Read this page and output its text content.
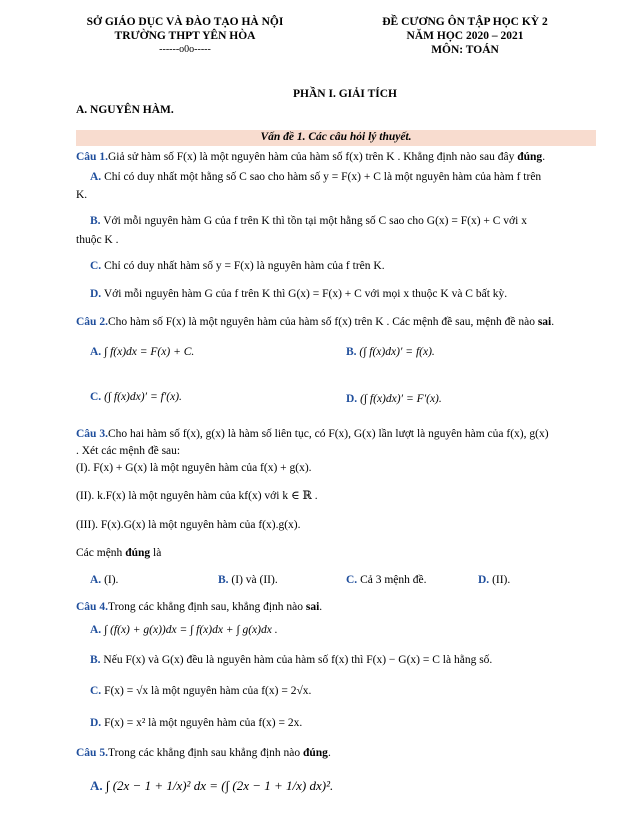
SỞ GIÁO DỤC VÀ ĐÀO TẠO HÀ NỘI
TRƯỜNG THPT YÊN HÒA
------o0o-----
ĐỀ CƯƠNG ÔN TẬP HỌC KỲ 2
NĂM HỌC 2020 – 2021
MÔN: TOÁN
PHẦN I. GIẢI TÍCH
A. NGUYÊN HÀM.
Vấn đề 1. Các câu hỏi lý thuyết.
Câu 1.Giả sử hàm số F(x) là một nguyên hàm của hàm số f(x) trên K . Khẳng định nào sau đây đúng.
A. Chỉ có duy nhất một hằng số C sao cho hàm số y = F(x) + C là một nguyên hàm của hàm f trên
K.
B. Với mỗi nguyên hàm G của f trên K thì tồn tại một hằng số C sao cho G(x) = F(x) + C với x
thuộc K .
C. Chỉ có duy nhất hàm số y = F(x) là nguyên hàm của f trên K.
D. Với mỗi nguyên hàm G của f trên K thì G(x) = F(x) + C với mọi x thuộc K và C bất kỳ.
Câu 2.Cho hàm số F(x) là một nguyên hàm của hàm số f(x) trên K . Các mệnh đề sau, mệnh đề nào sai.
A. ∫ f(x)dx = F(x) + C.	B. (∫ f(x)dx)′ = f(x).
C. (∫ f(x)dx)′ = f′(x).	D. (∫ f(x)dx)′ = F′(x).
Câu 3.Cho hai hàm số f(x), g(x) là hàm số liên tục, có F(x), G(x) lần lượt là nguyên hàm của f(x), g(x)
. Xét các mệnh đề sau:
(I). F(x) + G(x) là một nguyên hàm của f(x) + g(x).
(II). k.F(x) là một nguyên hàm của kf(x) với k ∈ ℝ .
(III). F(x).G(x) là một nguyên hàm của f(x).g(x).
Các mệnh đúng là
A. (I).	B. (I) và (II).	C. Cả 3 mệnh đề.	D. (II).
Câu 4.Trong các khẳng định sau, khẳng định nào sai.
A. ∫ (f(x) + g(x))dx = ∫ f(x)dx + ∫ g(x)dx .
B. Nếu F(x) và G(x) đều là nguyên hàm của hàm số f(x) thì F(x) − G(x) = C là hằng số.
C. F(x) = √x là một nguyên hàm của f(x) = 2√x.
D. F(x) = x² là một nguyên hàm của f(x) = 2x.
Câu 5.Trong các khẳng định sau khẳng định nào đúng.
A. ∫ (2x − 1 + 1/x)² dx = (∫ (2x − 1 + 1/x) dx)².
